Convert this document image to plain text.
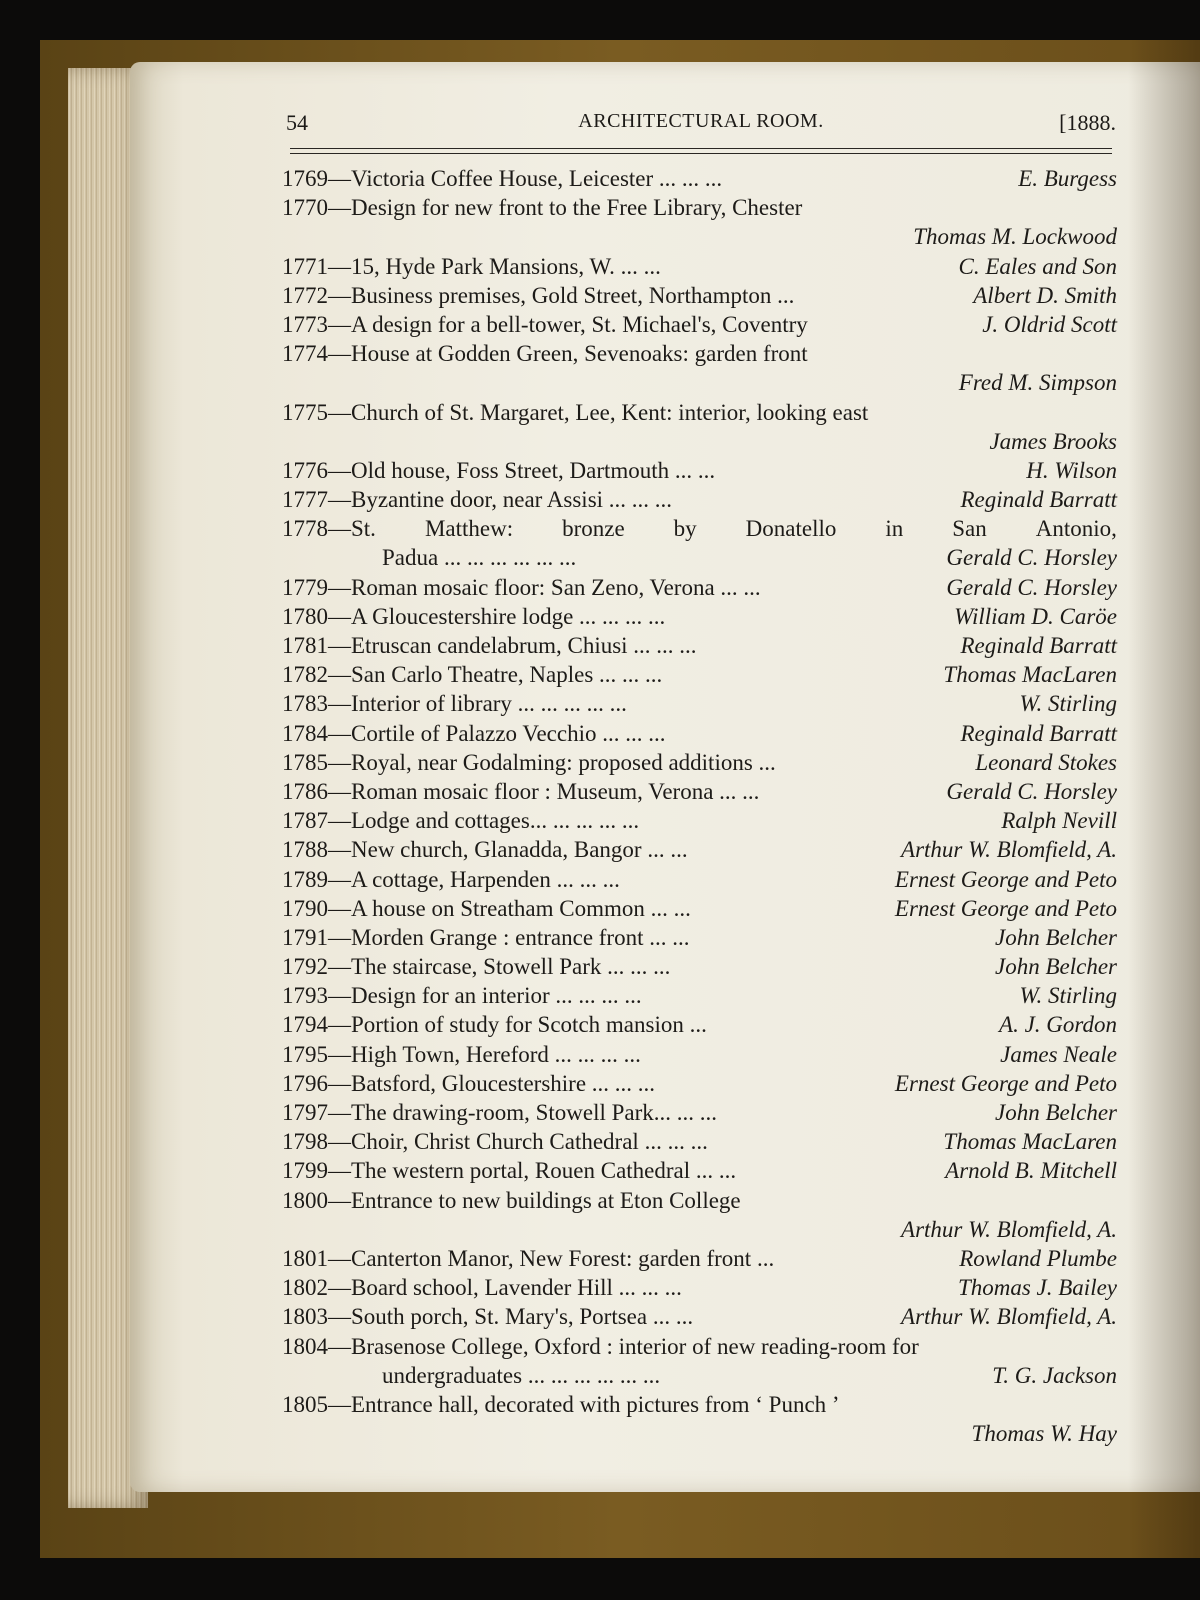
54	ARCHITECTURAL ROOM.	[1888.
1769—Victoria Coffee House, Leicester ... ... ...	E. Burgess
1770—Design for new front to the Free Library, Chester
Thomas M. Lockwood
1771—15, Hyde Park Mansions, W. ... ...	C. Eales and Son
1772—Business premises, Gold Street, Northampton ...	Albert D. Smith
1773—A design for a bell-tower, St. Michael's, Coventry	J. Oldrid Scott
1774—House at Godden Green, Sevenoaks: garden front
Fred M. Simpson
1775—Church of St. Margaret, Lee, Kent: interior, looking east
James Brooks
1776—Old house, Foss Street, Dartmouth ... ...	H. Wilson
1777—Byzantine door, near Assisi ... ... ...	Reginald Barratt
1778—St. Matthew: bronze by Donatello in San Antonio,
Padua ... ... ... ... ... ...	Gerald C. Horsley
1779—Roman mosaic floor: San Zeno, Verona ... ...	Gerald C. Horsley
1780—A Gloucestershire lodge ... ... ... ...	William D. Caröe
1781—Etruscan candelabrum, Chiusi ... ... ...	Reginald Barratt
1782—San Carlo Theatre, Naples ... ... ...	Thomas MacLaren
1783—Interior of library ... ... ... ... ...	W. Stirling
1784—Cortile of Palazzo Vecchio ... ... ...	Reginald Barratt
1785—Royal, near Godalming: proposed additions ...	Leonard Stokes
1786—Roman mosaic floor : Museum, Verona ... ...	Gerald C. Horsley
1787—Lodge and cottages... ... ... ... ...	Ralph Nevill
1788—New church, Glanadda, Bangor ... ...	Arthur W. Blomfield, A.
1789—A cottage, Harpenden ... ... ...	Ernest George and Peto
1790—A house on Streatham Common ... ...	Ernest George and Peto
1791—Morden Grange : entrance front ... ...	John Belcher
1792—The staircase, Stowell Park ... ... ...	John Belcher
1793—Design for an interior ... ... ... ...	W. Stirling
1794—Portion of study for Scotch mansion ...	A. J. Gordon
1795—High Town, Hereford ... ... ... ...	James Neale
1796—Batsford, Gloucestershire ... ... ...	Ernest George and Peto
1797—The drawing-room, Stowell Park... ... ...	John Belcher
1798—Choir, Christ Church Cathedral ... ... ...	Thomas MacLaren
1799—The western portal, Rouen Cathedral ... ...	Arnold B. Mitchell
1800—Entrance to new buildings at Eton College
Arthur W. Blomfield, A.
1801—Canterton Manor, New Forest: garden front ...	Rowland Plumbe
1802—Board school, Lavender Hill ... ... ...	Thomas J. Bailey
1803—South porch, St. Mary's, Portsea ... ...	Arthur W. Blomfield, A.
1804—Brasenose College, Oxford : interior of new reading-room for
undergraduates ... ... ... ... ... ...	T. G. Jackson
1805—Entrance hall, decorated with pictures from ‘ Punch ’
Thomas W. Hay
